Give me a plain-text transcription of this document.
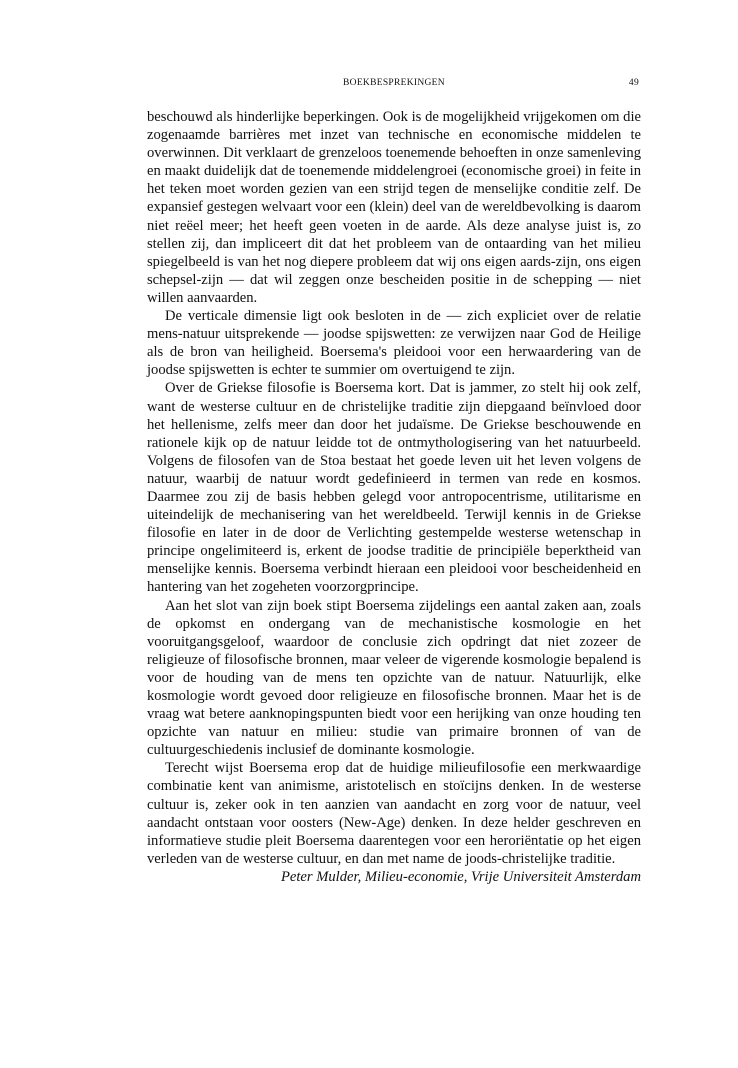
BOEKBESPREKINGEN	49

beschouwd als hinderlijke beperkingen. Ook is de mogelijkheid vrijgekomen om die zogenaamde barrières met inzet van technische en economische middelen te overwinnen. Dit verklaart de grenzeloos toenemende behoeften in onze samenleving en maakt duidelijk dat de toenemende middelengroei (economische groei) in feite in het teken moet worden gezien van een strijd tegen de menselijke conditie zelf. De expansief gestegen welvaart voor een (klein) deel van de wereldbevolking is daarom niet reëel meer; het heeft geen voeten in de aarde. Als deze analyse juist is, zo stellen zij, dan impliceert dit dat het probleem van de ontaarding van het milieu spiegelbeeld is van het nog diepere probleem dat wij ons eigen aards-zijn, ons eigen schepsel-zijn — dat wil zeggen onze bescheiden positie in de schepping — niet willen aanvaarden.

De verticale dimensie ligt ook besloten in de — zich expliciet over de relatie mens-natuur uitsprekende — joodse spijswetten: ze verwijzen naar God de Heilige als de bron van heiligheid. Boersema's pleidooi voor een herwaardering van de joodse spijswetten is echter te summier om overtuigend te zijn.

Over de Griekse filosofie is Boersema kort. Dat is jammer, zo stelt hij ook zelf, want de westerse cultuur en de christelijke traditie zijn diepgaand beïnvloed door het hellenisme, zelfs meer dan door het judaïsme. De Griekse beschouwende en rationele kijk op de natuur leidde tot de ontmythologisering van het natuurbeeld. Volgens de filosofen van de Stoa bestaat het goede leven uit het leven volgens de natuur, waarbij de natuur wordt gedefinieerd in termen van rede en kosmos. Daarmee zou zij de basis hebben gelegd voor antropocentrisme, utilitarisme en uiteindelijk de mechanisering van het wereldbeeld. Terwijl kennis in de Griekse filosofie en later in de door de Verlichting gestempelde westerse wetenschap in principe ongelimiteerd is, erkent de joodse traditie de principiële beperktheid van menselijke kennis. Boersema verbindt hieraan een pleidooi voor bescheidenheid en hantering van het zogeheten voorzorgprincipe.

Aan het slot van zijn boek stipt Boersema zijdelings een aantal zaken aan, zoals de opkomst en ondergang van de mechanistische kosmologie en het vooruitgangsgeloof, waardoor de conclusie zich opdringt dat niet zozeer de religieuze of filosofische bronnen, maar veleer de vigerende kosmologie bepalend is voor de houding van de mens ten opzichte van de natuur. Natuurlijk, elke kosmologie wordt gevoed door religieuze en filosofische bronnen. Maar het is de vraag wat betere aanknopingspunten biedt voor een herijking van onze houding ten opzichte van natuur en milieu: studie van primaire bronnen of van de cultuurgeschiedenis inclusief de dominante kosmologie.

Terecht wijst Boersema erop dat de huidige milieufilosofie een merkwaardige combinatie kent van animisme, aristotelisch en stoïcijns denken. In de westerse cultuur is, zeker ook in ten aanzien van aandacht en zorg voor de natuur, veel aandacht ontstaan voor oosters (New-Age) denken. In deze helder geschreven en informatieve studie pleit Boersema daarentegen voor een heroriëntatie op het eigen verleden van de westerse cultuur, en dan met name de joods-christelijke traditie.

Peter Mulder, Milieu-economie, Vrije Universiteit Amsterdam
